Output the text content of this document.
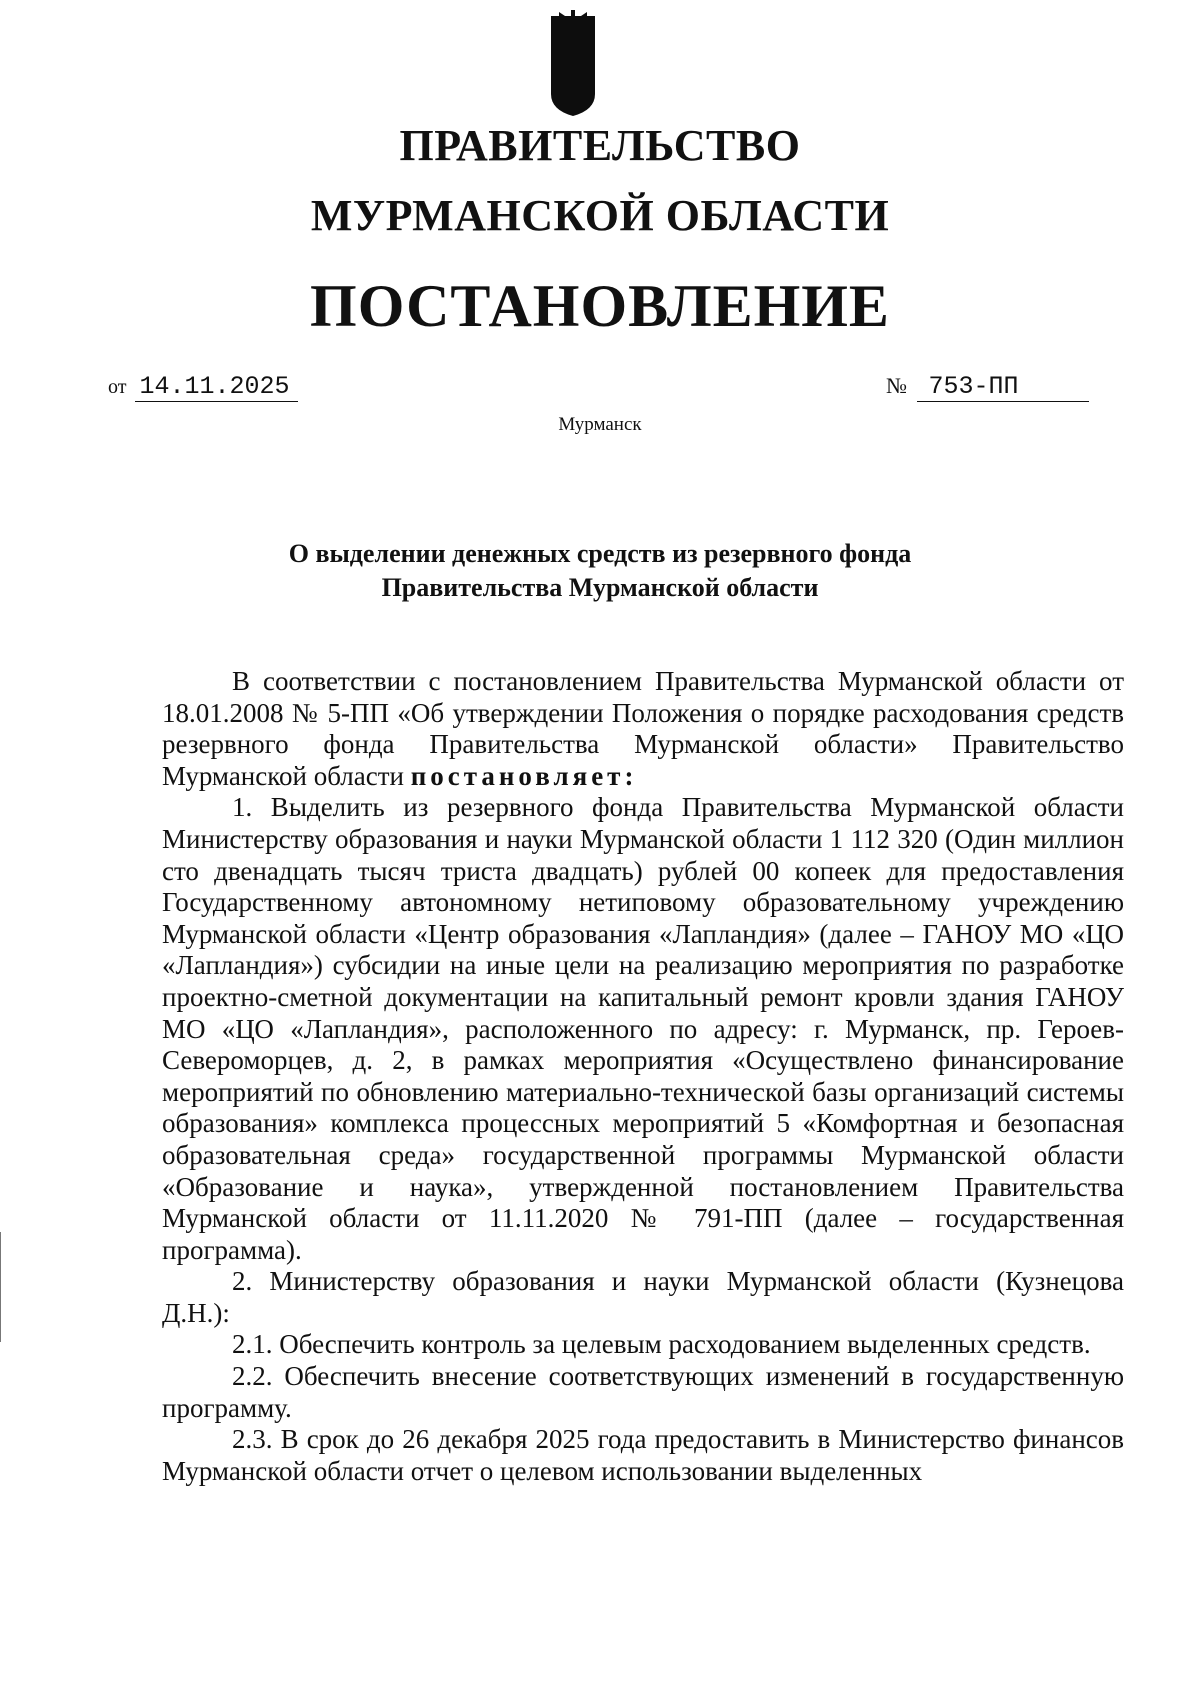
ПРАВИТЕЛЬСТВО
МУРМАНСКОЙ ОБЛАСТИ
ПОСТАНОВЛЕНИЕ
от 14.11.2025	№ 753-ПП
Мурманск
О выделении денежных средств из резервного фонда
Правительства Мурманской области

В соответствии с постановлением Правительства Мурманской области от 18.01.2008 № 5-ПП «Об утверждении Положения о порядке расходования средств резервного фонда Правительства Мурманской области» Правительство Мурманской области постановляет:

1. Выделить из резервного фонда Правительства Мурманской области Министерству образования и науки Мурманской области 1 112 320 (Один миллион сто двенадцать тысяч триста двадцать) рублей 00 копеек для предоставления Государственному автономному нетиповому образовательному учреждению Мурманской области «Центр образования «Лапландия» (далее – ГАНОУ МО «ЦО «Лапландия») субсидии на иные цели на реализацию мероприятия по разработке проектно-сметной документации на капитальный ремонт кровли здания ГАНОУ МО «ЦО «Лапландия», расположенного по адресу: г. Мурманск, пр. Героев-Североморцев, д. 2, в рамках мероприятия «Осуществлено финансирование мероприятий по обновлению материально-технической базы организаций системы образования» комплекса процессных мероприятий 5 «Комфортная и безопасная образовательная среда» государственной программы Мурманской области «Образование и наука», утвержденной постановлением Правительства Мурманской области от 11.11.2020 № 791-ПП (далее – государственная программа).

2. Министерству образования и науки Мурманской области (Кузнецова Д.Н.):

2.1. Обеспечить контроль за целевым расходованием выделенных средств.

2.2. Обеспечить внесение соответствующих изменений в государственную программу.

2.3. В срок до 26 декабря 2025 года предоставить в Министерство финансов Мурманской области отчет о целевом использовании выделенных
